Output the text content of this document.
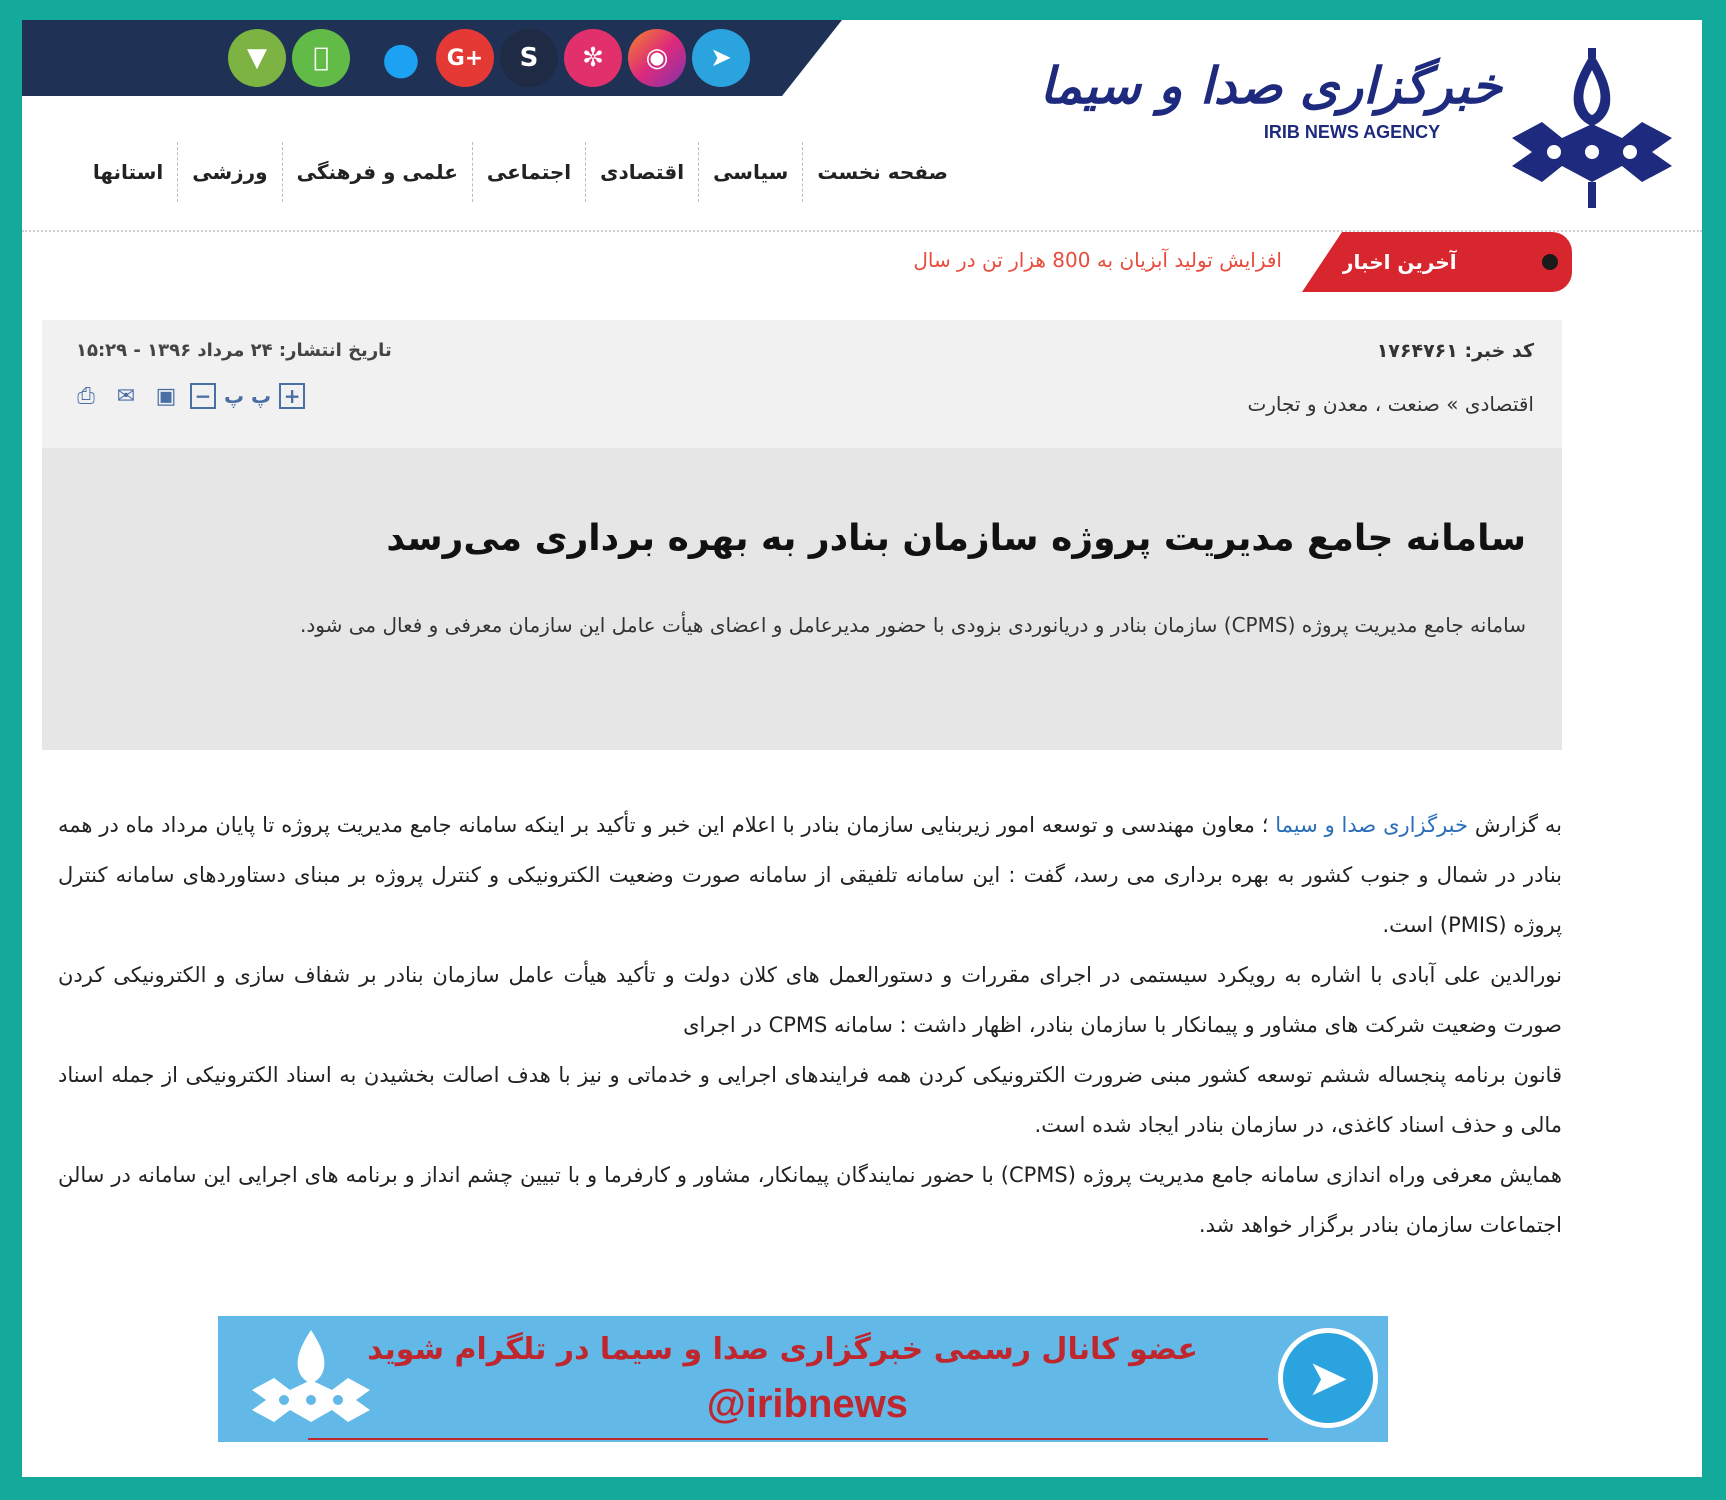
▼	●	G+	S	✼	◉	➤	خبرگزاری صدا و سیما
IRIB NEWS AGENCY
صفحه نخست
سیاسی
اقتصادی
اجتماعی
علمی و فرهنگی
ورزشی
استانها
آخرین اخبار
افزایش تولید آبزیان به 800 هزار تن در سال
کد خبر: ۱۷۶۴۷۶۱
تاریخ انتشار: ۲۴ مرداد ۱۳۹۶ - ۱۵:۲۹
اقتصادی » صنعت ، معدن و تجارت
⎙ ✉ ▣ − پ پ +
سامانه جامع مدیریت پروژه سازمان بنادر به بهره برداری می‌رسد
سامانه جامع مدیریت پروژه (CPMS) سازمان بنادر و دریانوردی بزودی با حضور مدیرعامل و اعضای هیأت عامل این سازمان معرفی و فعال می شود.

به گزارش خبرگزاری صدا و سیما ؛ معاون مهندسی و توسعه امور زیربنایی سازمان بنادر با اعلام این خبر و تأکید بر اینکه سامانه جامع مدیریت پروژه تا پایان مرداد ماه در همه بنادر در شمال و جنوب کشور به بهره برداری می رسد، گفت : این سامانه تلفیقی از سامانه صورت وضعیت الکترونیکی و کنترل پروژه بر مبنای دستاوردهای سامانه کنترل پروژه (PMIS) است.

نورالدین علی آبادی با اشاره به رویکرد سیستمی در اجرای مقررات و دستورالعمل های کلان دولت و تأکید هیأت عامل سازمان بنادر بر شفاف سازی و الکترونیکی کردن صورت وضعیت شرکت های مشاور و پیمانکار با سازمان بنادر، اظهار داشت : سامانه CPMS در اجرای

قانون برنامه پنجساله ششم توسعه کشور مبنی ضرورت الکترونیکی کردن همه فرایندهای اجرایی و خدماتی و نیز با هدف اصالت بخشیدن به اسناد الکترونیکی از جمله اسناد مالی و حذف اسناد کاغذی، در سازمان بنادر ایجاد شده است.

همایش معرفی وراه اندازی سامانه جامع مدیریت پروژه (CPMS) با حضور نمایندگان پیمانکار، مشاور و کارفرما و با تبیین چشم انداز و برنامه های اجرایی این سامانه در سالن اجتماعات سازمان بنادر برگزار خواهد شد.

➤
عضو کانال رسمی خبرگزاری صدا و سیما در تلگرام شوید
@iribnews
